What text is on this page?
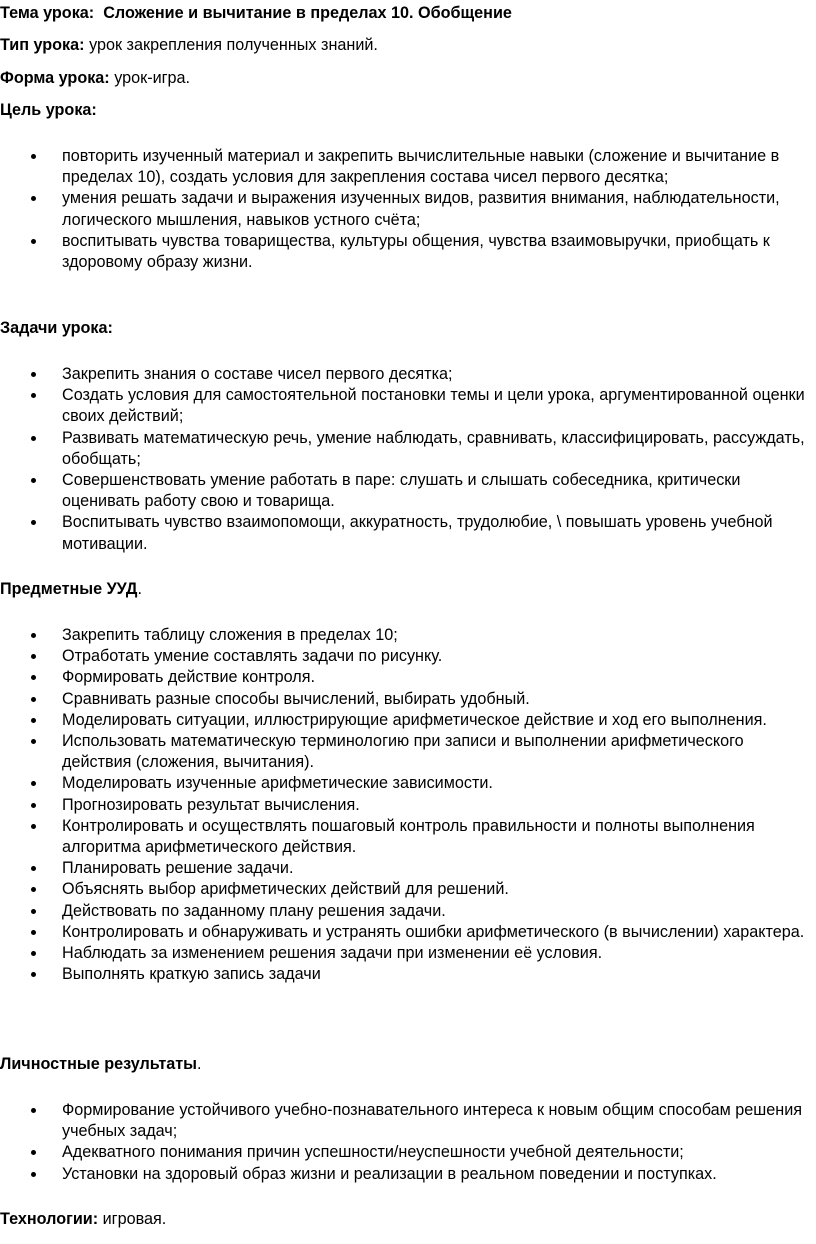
Тема урока: Сложение и вычитание в пределах 10. Обобщение
Тип урока: урок закрепления полученных знаний.
Форма урока: урок-игра.
Цель урока:
повторить изученный материал и закрепить вычислительные навыки (сложение и вычитание в пределах 10), создать условия для закрепления состава чисел первого десятка;
умения решать задачи и выражения изученных видов, развития внимания, наблюдательности, логического мышления, навыков устного счёта;
воспитывать чувства товарищества, культуры общения, чувства взаимовыручки, приобщать к здоровому образу жизни.
Задачи урока:
Закрепить знания о составе чисел первого десятка;
Создать условия для самостоятельной постановки темы и цели урока, аргументированной оценки своих действий;
Развивать математическую речь, умение наблюдать, сравнивать, классифицировать, рассуждать, обобщать;
Совершенствовать умение работать в паре: слушать и слышать собеседника, критически оценивать работу свою и товарища.
Воспитывать чувство взаимопомощи, аккуратность, трудолюбие, \ повышать уровень учебной мотивации.
Предметные УУД.
Закрепить таблицу сложения в пределах 10;
Отработать умение составлять задачи по рисунку.
Формировать действие контроля.
Сравнивать разные способы вычислений, выбирать удобный.
Моделировать ситуации, иллюстрирующие арифметическое действие и ход его выполнения.
Использовать математическую терминологию при записи и выполнении арифметического действия (сложения, вычитания).
Моделировать изученные арифметические зависимости.
Прогнозировать результат вычисления.
Контролировать и осуществлять пошаговый контроль правильности и полноты выполнения алгоритма арифметического действия.
Планировать решение задачи.
Объяснять выбор арифметических действий для решений.
Действовать по заданному плану решения задачи.
Контролировать и обнаруживать и устранять ошибки арифметического (в вычислении) характера.
Наблюдать за изменением решения задачи при изменении её условия.
Выполнять краткую запись задачи
Личностные результаты.
Формирование устойчивого учебно-познавательного интереса к новым общим способам решения учебных задач;
Адекватного понимания причин успешности/неуспешности учебной деятельности;
Установки на здоровый образ жизни и реализации в реальном поведении и поступках.
Технологии: игровая.
